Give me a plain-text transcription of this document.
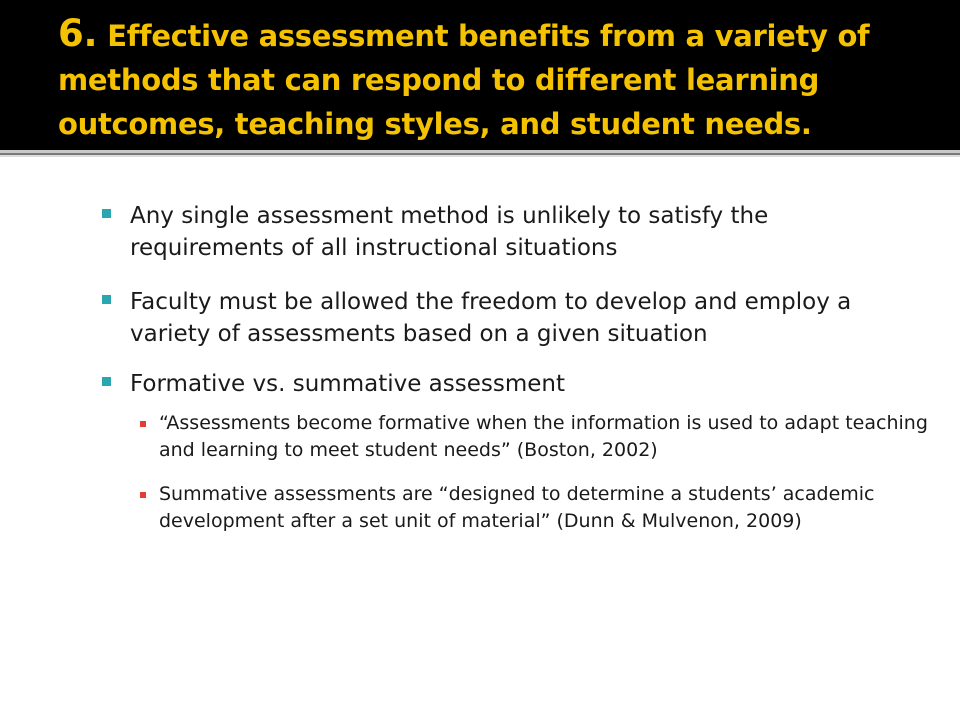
6. Effective assessment benefits from a variety of methods that can respond to different learning outcomes, teaching styles, and student needs.
Any single assessment method is unlikely to satisfy the requirements of all instructional situations
Faculty must be allowed the freedom to develop and employ a variety of assessments based on a given situation
Formative vs. summative assessment
“Assessments become formative when the information is used to adapt teaching and learning to meet student needs” (Boston, 2002)
Summative assessments are “designed to determine a students’ academic development after a set unit of material” (Dunn & Mulvenon, 2009)
